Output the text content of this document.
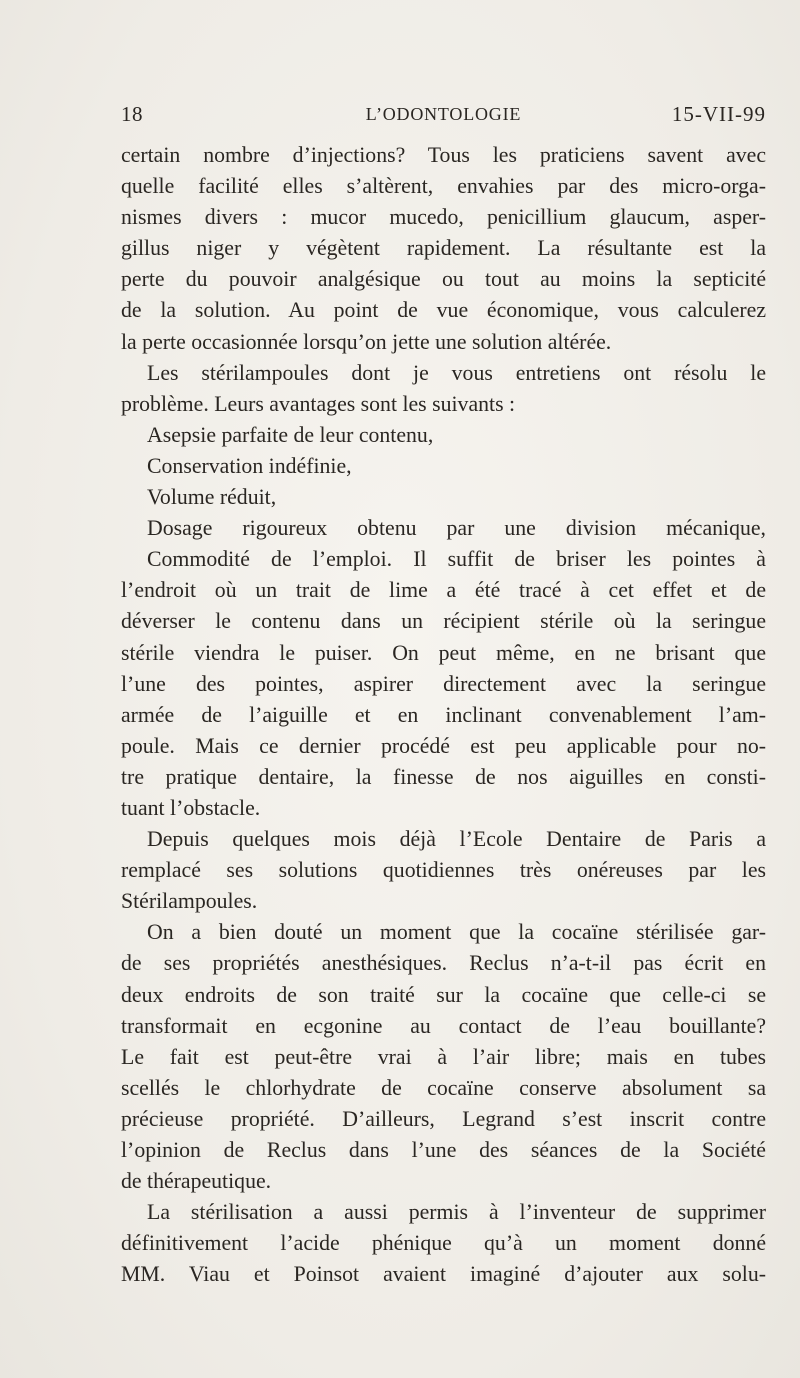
18	L’ODONTOLOGIE	15-VII-99
certain nombre d’injections? Tous les praticiens savent avec
quelle facilité elles s’altèrent, envahies par des micro-orga-
nismes divers : mucor mucedo, penicillium glaucum, asper-
gillus niger y végètent rapidement. La résultante est la
perte du pouvoir analgésique ou tout au moins la septicité
de la solution. Au point de vue économique, vous calculerez
la perte occasionnée lorsqu’on jette une solution altérée.
Les stérilampoules dont je vous entretiens ont résolu le
problème. Leurs avantages sont les suivants :
Asepsie parfaite de leur contenu,
Conservation indéfinie,
Volume réduit,
Dosage rigoureux obtenu par une division mécanique,
Commodité de l’emploi. Il suffit de briser les pointes à
l’endroit où un trait de lime a été tracé à cet effet et de
déverser le contenu dans un récipient stérile où la seringue
stérile viendra le puiser. On peut même, en ne brisant que
l’une des pointes, aspirer directement avec la seringue
armée de l’aiguille et en inclinant convenablement l’am-
poule. Mais ce dernier procédé est peu applicable pour no-
tre pratique dentaire, la finesse de nos aiguilles en consti-
tuant l’obstacle.
Depuis quelques mois déjà l’Ecole Dentaire de Paris a
remplacé ses solutions quotidiennes très onéreuses par les
Stérilampoules.
On a bien douté un moment que la cocaïne stérilisée gar-
de ses propriétés anesthésiques. Reclus n’a-t-il pas écrit en
deux endroits de son traité sur la cocaïne que celle-ci se
transformait en ecgonine au contact de l’eau bouillante?
Le fait est peut-être vrai à l’air libre; mais en tubes
scellés le chlorhydrate de cocaïne conserve absolument sa
précieuse propriété. D’ailleurs, Legrand s’est inscrit contre
l’opinion de Reclus dans l’une des séances de la Société
de thérapeutique.
La stérilisation a aussi permis à l’inventeur de supprimer
définitivement l’acide phénique qu’à un moment donné
MM. Viau et Poinsot avaient imaginé d’ajouter aux solu-
